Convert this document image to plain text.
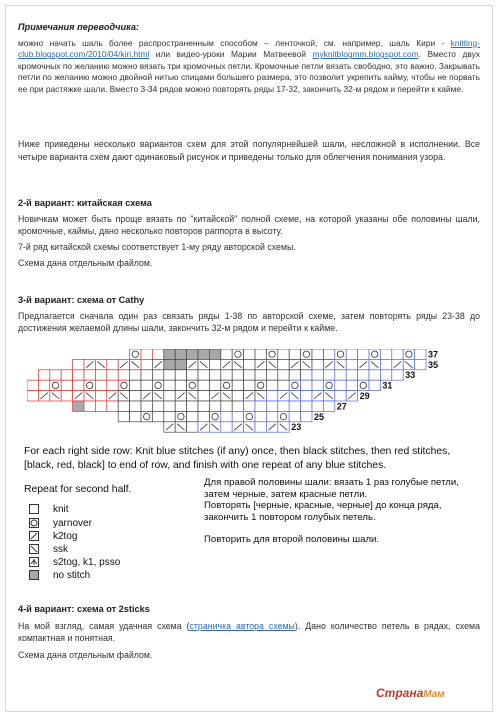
Примечания переводчика:
можно начать шаль более распространенным способом – ленточкой, см. например, шаль Кири - knitting-club.blogspot.com/2010/04/kiri.html или видео-уроки Марии Матвеевой myknitblogmm.blogspot.com. Вместо двух кромочных по желанию можно вязать три кромочных петли. Кромочные петли вязать свободно, это важно. Закрывать петли по желанию можно двойной нитью спицами большего размера, это позволит укрепить кайму, чтобы не порвать ее при растяжке шали. Вместо 3-34 рядов можно повторять ряды 17-32, закончить 32-м рядом и перейти к кайме.
Ниже приведены несколько вариантов схем для этой популярнейшей шали, несложной в исполнении. Все четыре варианта схем дают одинаковый рисунок и приведены только для облегчения понимания узора.
2-й вариант: китайская схема
Новичкам может быть проще вязать по "китайской" полной схеме, на которой указаны обе половины шали, кромочные, каймы, дано несколько повторов раппорта в высоту.
7-й ряд китайской схемы соответствует 1-му ряду авторской схемы.
Схема дана отдельным файлом.
3-й вариант: схема от Cathy
Предлагается сначала один раз связать ряды 1-38 по авторской схеме, затем повторять ряды 23-38 до достижения желаемой длины шали, закончить 32-м рядом и перейти к кайме.
37
35
33
31
29
27
25
23
For each right side row: Knit blue stitches (if any) once, then black stitches, then red stitches,
[black, red, black] to end of row, and finish with one repeat of any blue stitches.
Repeat for second half.
knit
yarnover
k2tog
ssk
s2tog, k1, psso
no stitch
Для правой половины шали: вязать 1 раз голубые петли,
затем черные, затем красные петли.
Повторять [черные, красные, черные] до конца ряда,
закончить 1 повтором голубых петель.
Повторить для второй половины шали.
4-й вариант: схема от 2sticks
На мой взгляд, самая удачная схема (страничка автора схемы). Дано количество петель в рядах, схема компактная и понятная.
Схема дана отдельным файлом.
СтранаМам
